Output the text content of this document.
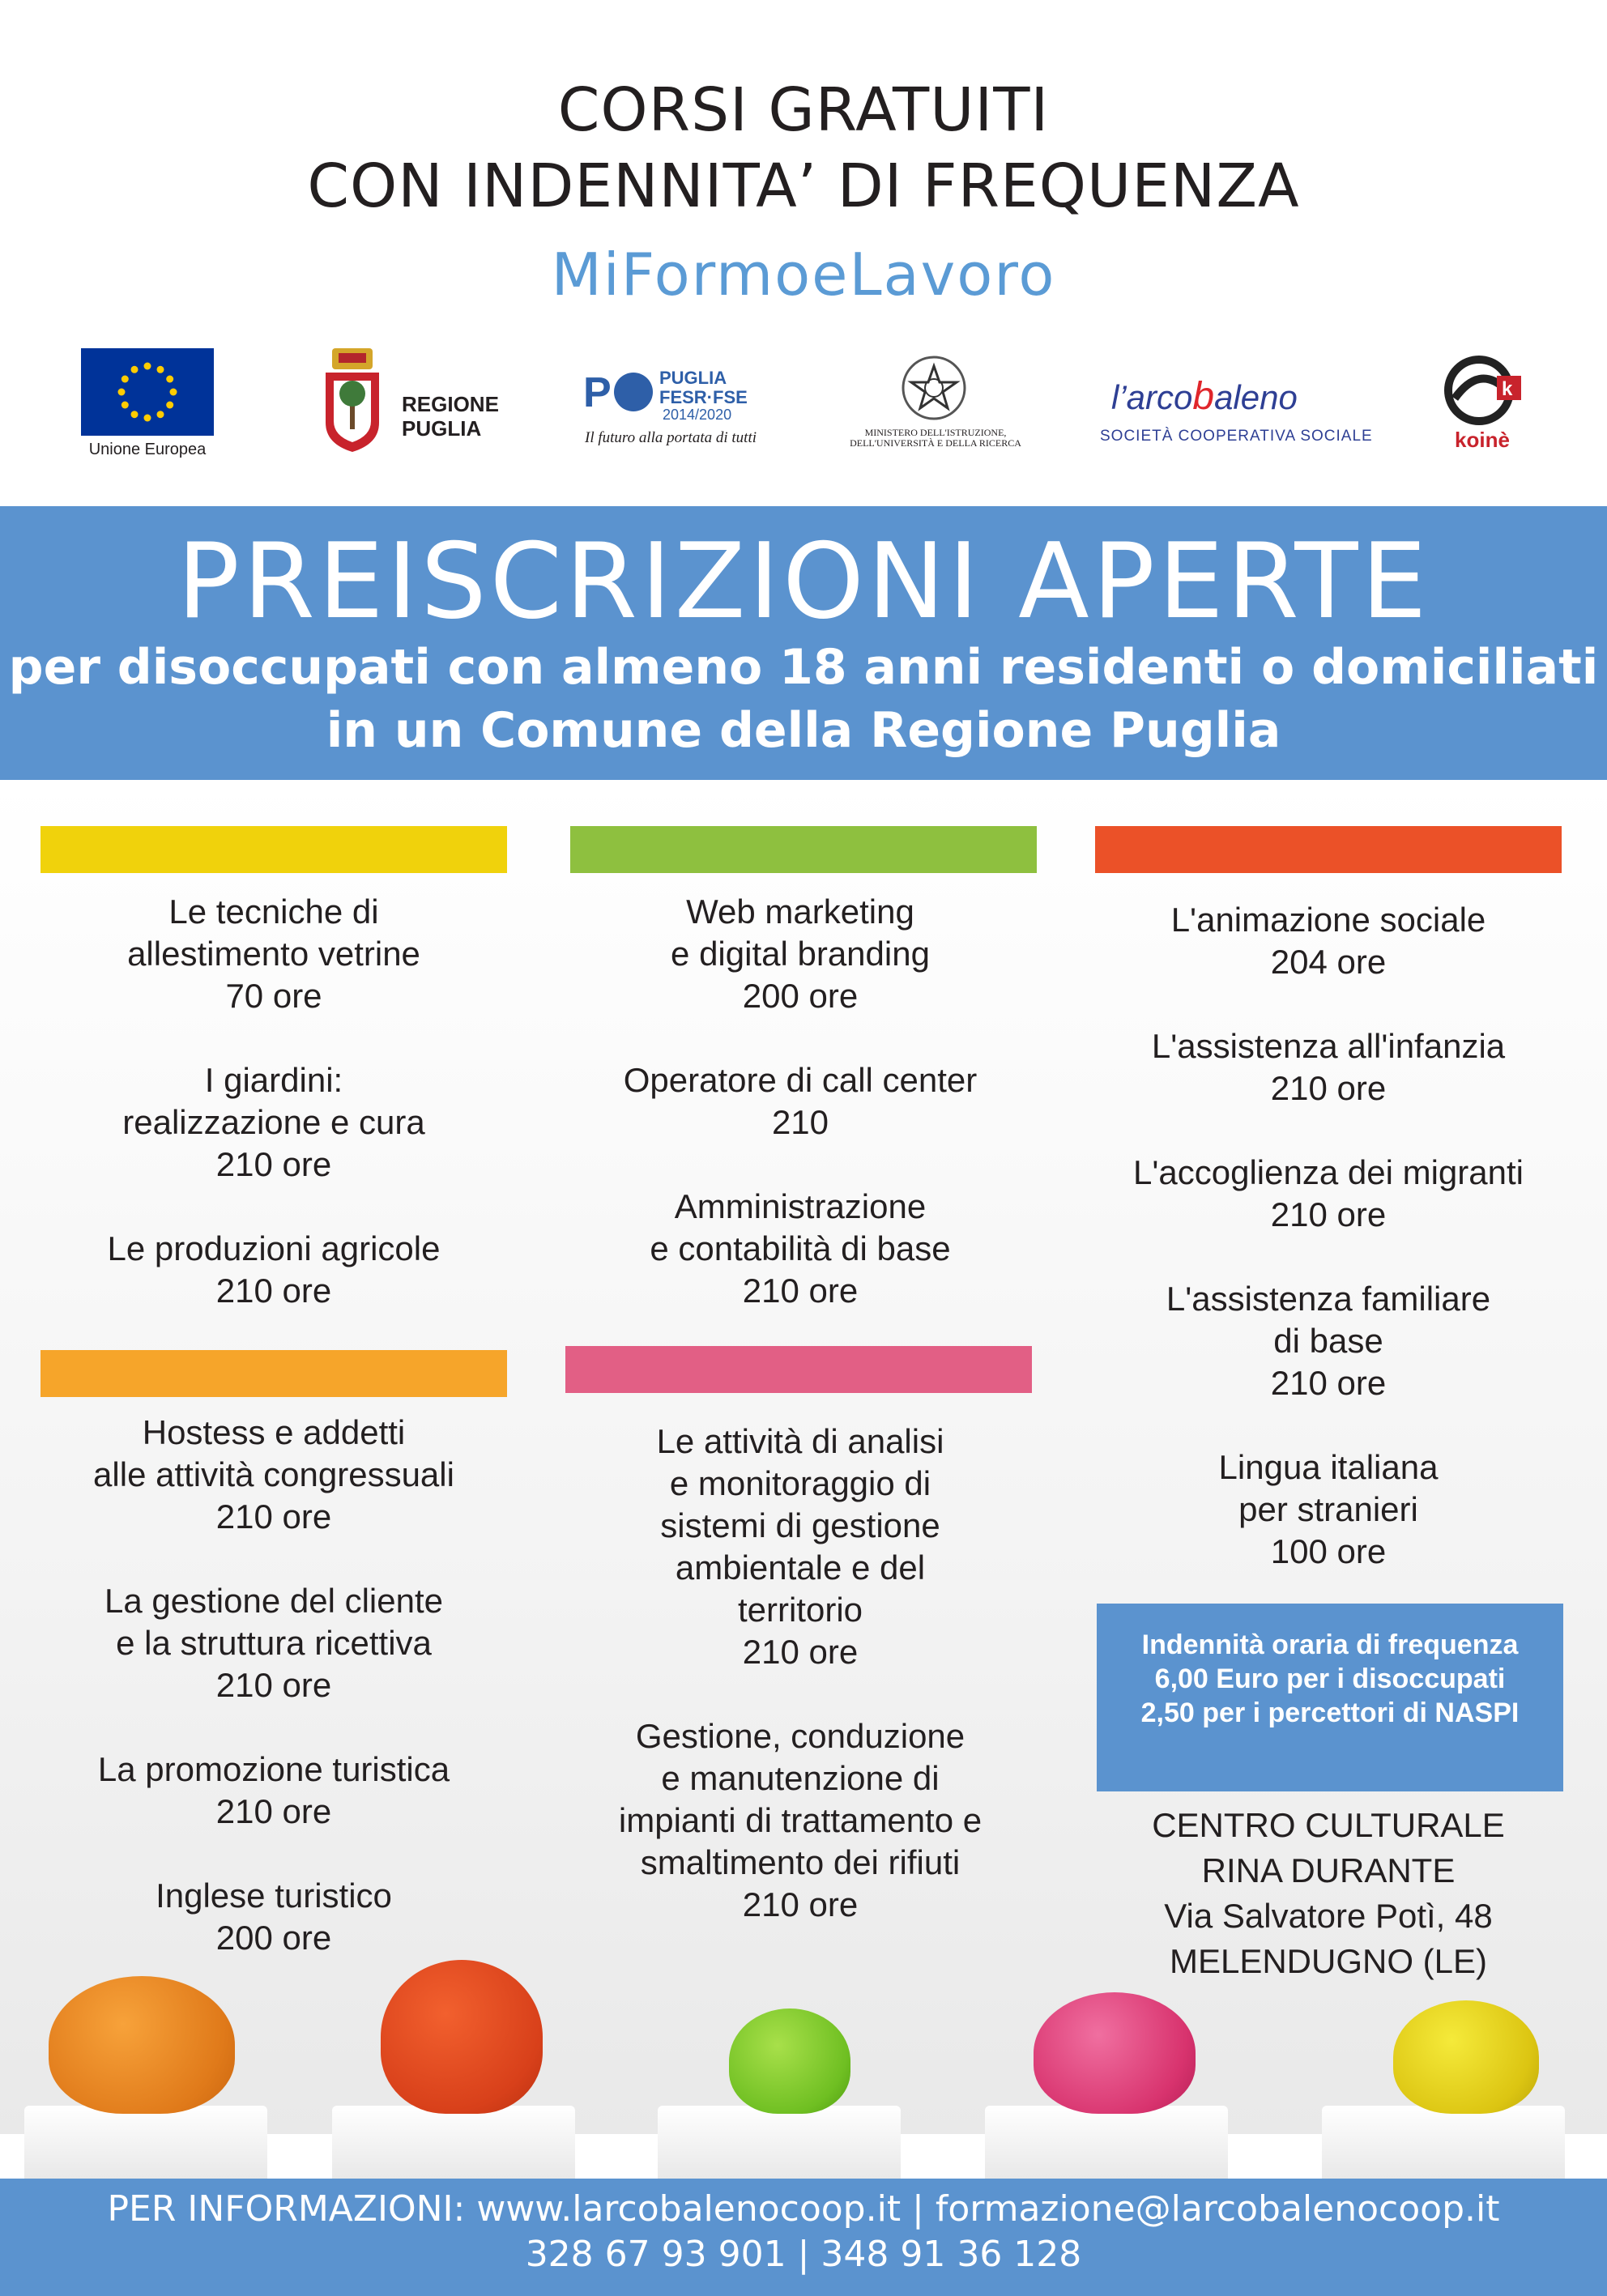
CORSI GRATUITI
CON INDENNITA’ DI FREQUENZA
MiFormoeLavoro
Unione Europea
REGIONE
PUGLIA
P	PUGLIA
FESR·FSE
2014/2020
Il futuro alla portata di tutti	MINISTERO DELL'ISTRUZIONE,
DELL'UNIVERSITÀ E DELLA RICERCA
l’arcobaleno
SOCIETÀ COOPERATIVA SOCIALE
k
koinè
PREISCRIZIONI APERTE
per disoccupati con almeno 18 anni residenti o domiciliati
in un Comune della Regione Puglia
Le tecniche di
allestimento vetrine
70 ore
I giardini:
realizzazione e cura
210 ore
Le produzioni agricole
210 ore
Hostess e addetti
alle attività congressuali
210 ore
La gestione del cliente
e la struttura ricettiva
210 ore
La promozione turistica
210 ore
Inglese turistico
200 ore
Web marketing
e digital branding
200 ore
Operatore di call center
210
Amministrazione
e contabilità di base
210 ore
Le attività di analisi
e monitoraggio di
sistemi di gestione
ambientale e del
territorio
210 ore
Gestione, conduzione
e manutenzione di
impianti di trattamento e
smaltimento dei rifiuti
210 ore
L'animazione sociale
204 ore
L'assistenza all'infanzia
210 ore
L'accoglienza dei migranti
210 ore
L'assistenza familiare
di base
210 ore
Lingua italiana
per stranieri
100 ore
Indennità oraria di frequenza
6,00 Euro per i disoccupati
2,50 per i percettori di NASPI
CENTRO CULTURALE
RINA DURANTE
Via Salvatore Potì, 48
MELENDUGNO (LE)
PER INFORMAZIONI: www.larcobalenocoop.it | formazione@larcobalenocoop.it
328 67 93 901 | 348 91 36 128
